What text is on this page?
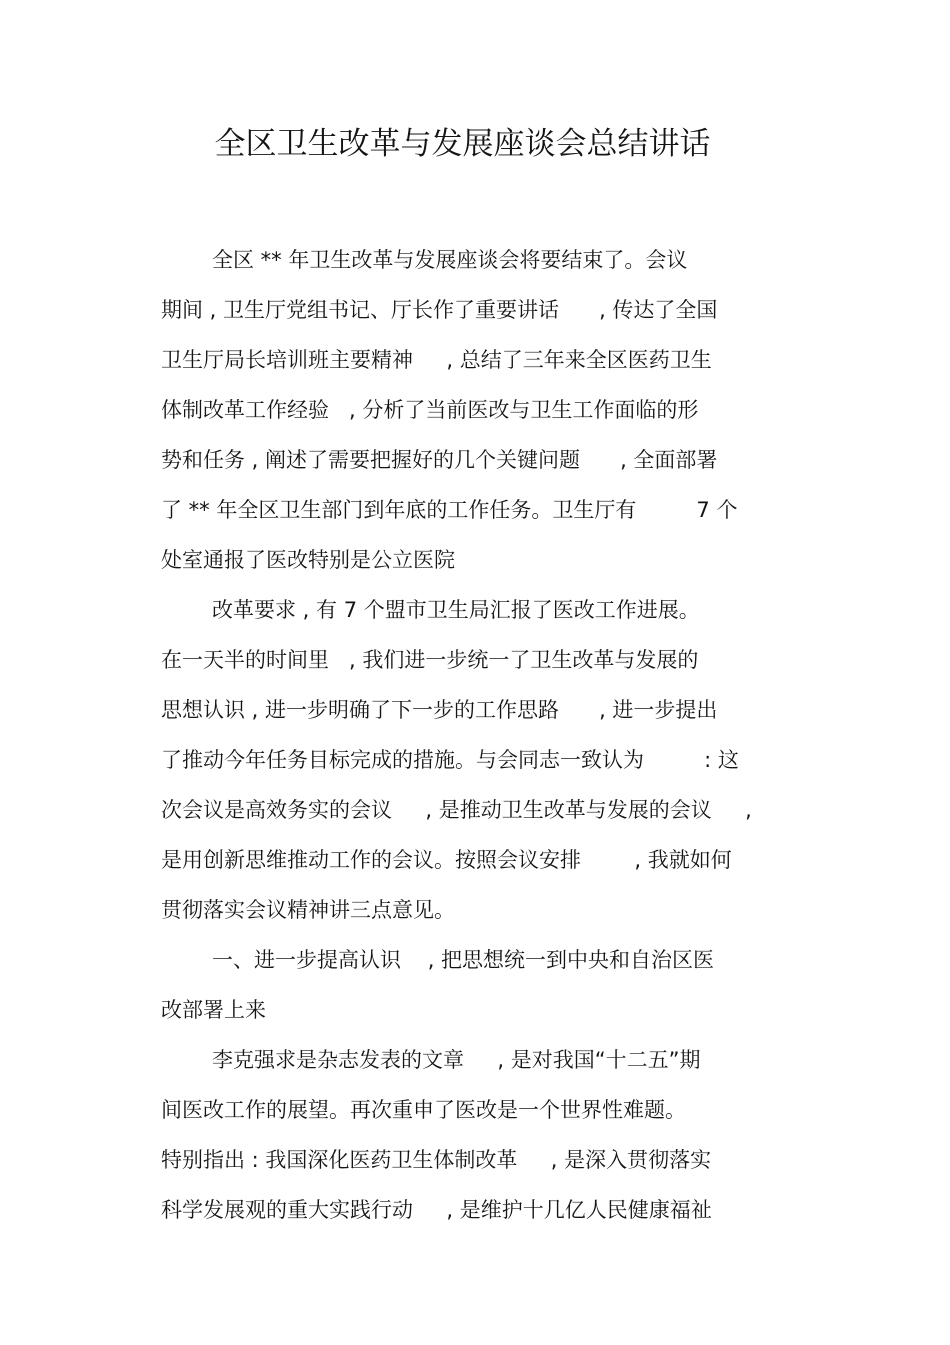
全区卫生改革与发展座谈会总结讲话
全区 ** 年卫生改革与发展座谈会将要结束了。会议
期间 , 卫生厅党组书记、厅长作了重要讲话      , 传达了全国
卫生厅局长培训班主要精神     , 总结了三年来全区医药卫生
体制改革工作经验   , 分析了当前医改与卫生工作面临的形
势和任务 , 阐述了需要把握好的几个关键问题      , 全面部署
了 ** 年全区卫生部门到年底的工作任务。卫生厅有         7 个
处室通报了医改特别是公立医院
改革要求 , 有 7 个盟市卫生局汇报了医改工作进展。
在一天半的时间里   , 我们进一步统一了卫生改革与发展的
思想认识 , 进一步明确了下一步的工作思路      , 进一步提出
了推动今年任务目标完成的措施。与会同志一致认为         : 这
次会议是高效务实的会议     , 是推动卫生改革与发展的会议     ,
是用创新思维推动工作的会议。按照会议安排        , 我就如何
贯彻落实会议精神讲三点意见。
一、进一步提高认识    , 把思想统一到中央和自治区医
改部署上来
李克强求是杂志发表的文章     , 是对我国“十二五”期
间医改工作的展望。再次重申了医改是一个世界性难题。
特别指出 : 我国深化医药卫生体制改革     , 是深入贯彻落实
科学发展观的重大实践行动     , 是维护十几亿人民健康福祉
